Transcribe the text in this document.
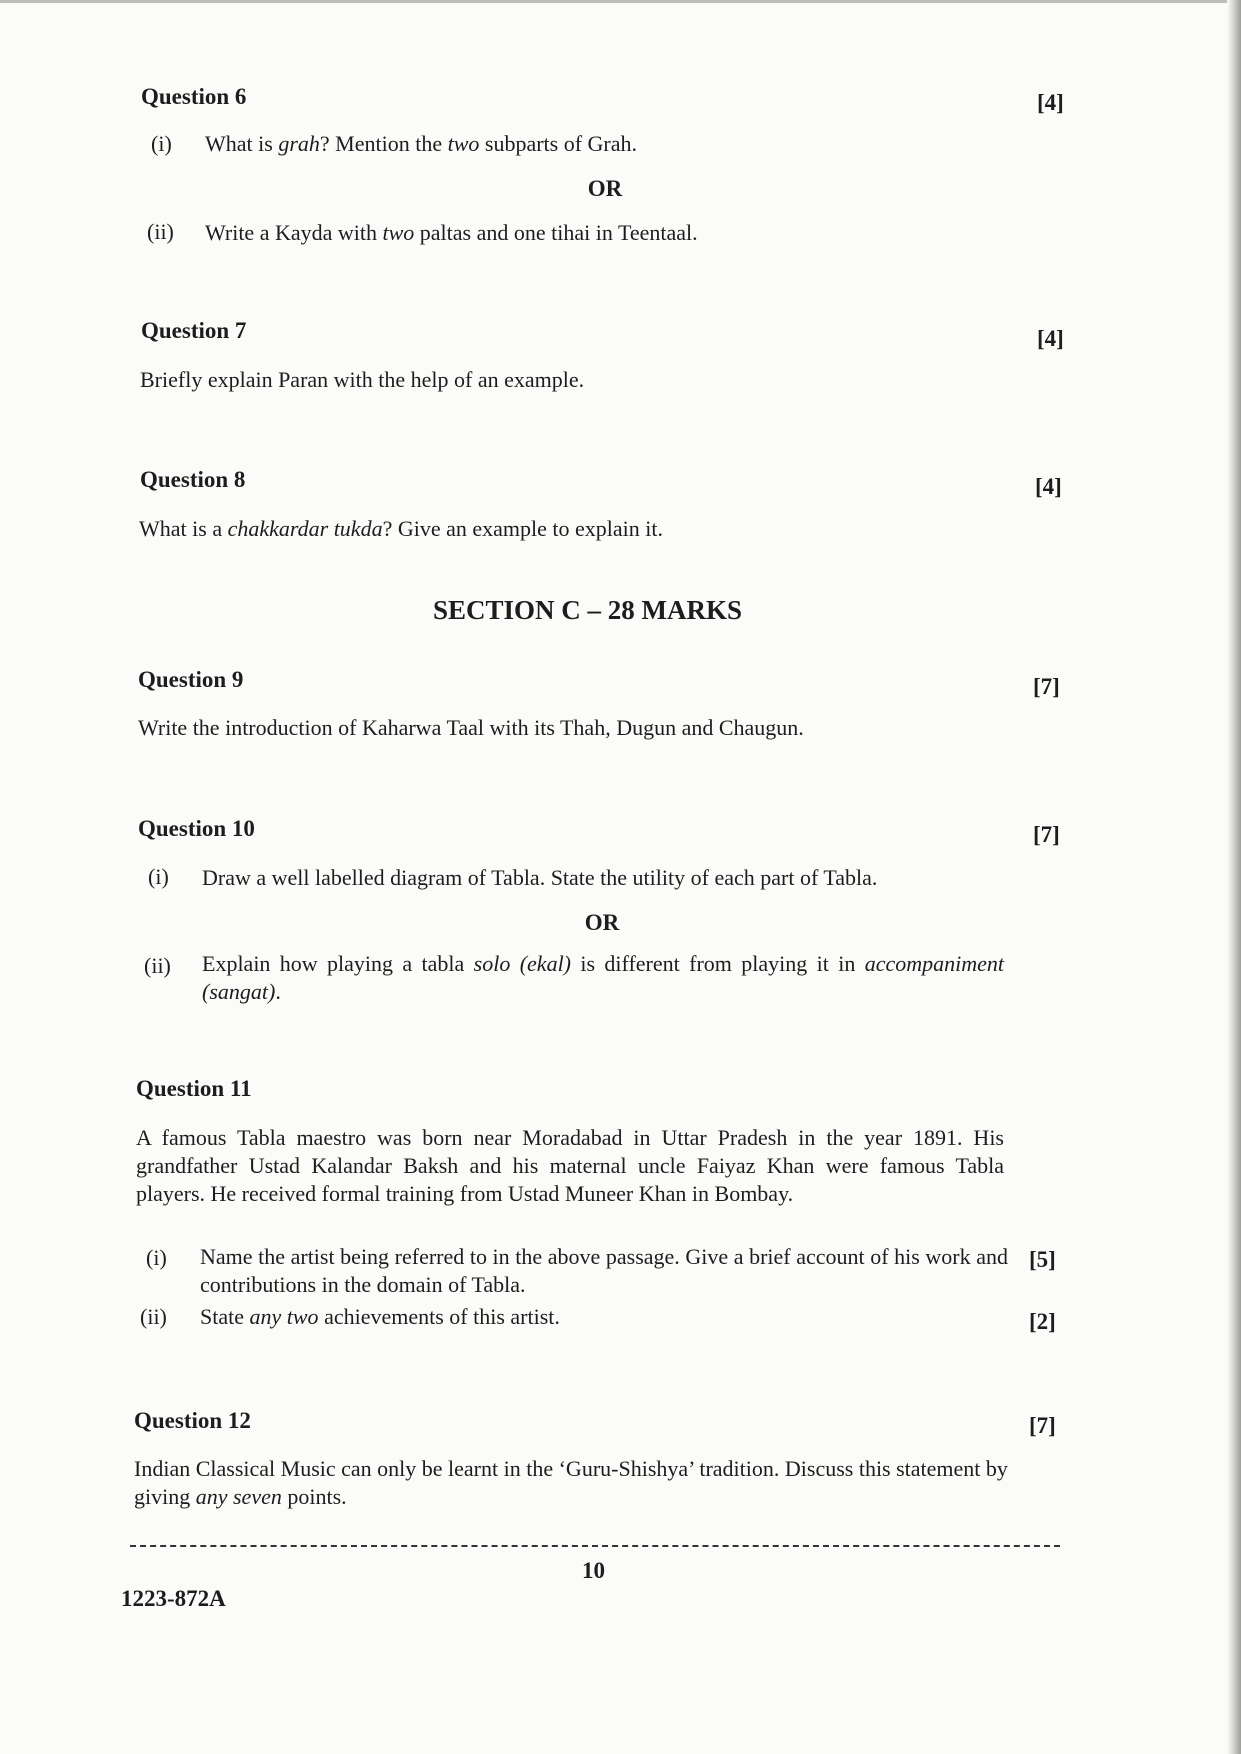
Question 6	[4]
(i) What is grah? Mention the two subparts of Grah.
OR
(ii) Write a Kayda with two paltas and one tihai in Teentaal.
Question 7	[4]
Briefly explain Paran with the help of an example.
Question 8	[4]
What is a chakkardar tukda? Give an example to explain it.
SECTION C – 28 MARKS
Question 9	[7]
Write the introduction of Kaharwa Taal with its Thah, Dugun and Chaugun.
Question 10	[7]
(i) Draw a well labelled diagram of Tabla. State the utility of each part of Tabla.
OR
(ii) Explain how playing a tabla solo (ekal) is different from playing it in accompaniment (sangat).
Question 11
A famous Tabla maestro was born near Moradabad in Uttar Pradesh in the year 1891. His grandfather Ustad Kalandar Baksh and his maternal uncle Faiyaz Khan were famous Tabla players. He received formal training from Ustad Muneer Khan in Bombay.
(i) Name the artist being referred to in the above passage. Give a brief account of his work and contributions in the domain of Tabla.
[5]
(ii) State any two achievements of this artist.	[2]
Question 12	[7]
Indian Classical Music can only be learnt in the ‘Guru-Shishya’ tradition. Discuss this statement by giving any seven points.
10
1223-872A
